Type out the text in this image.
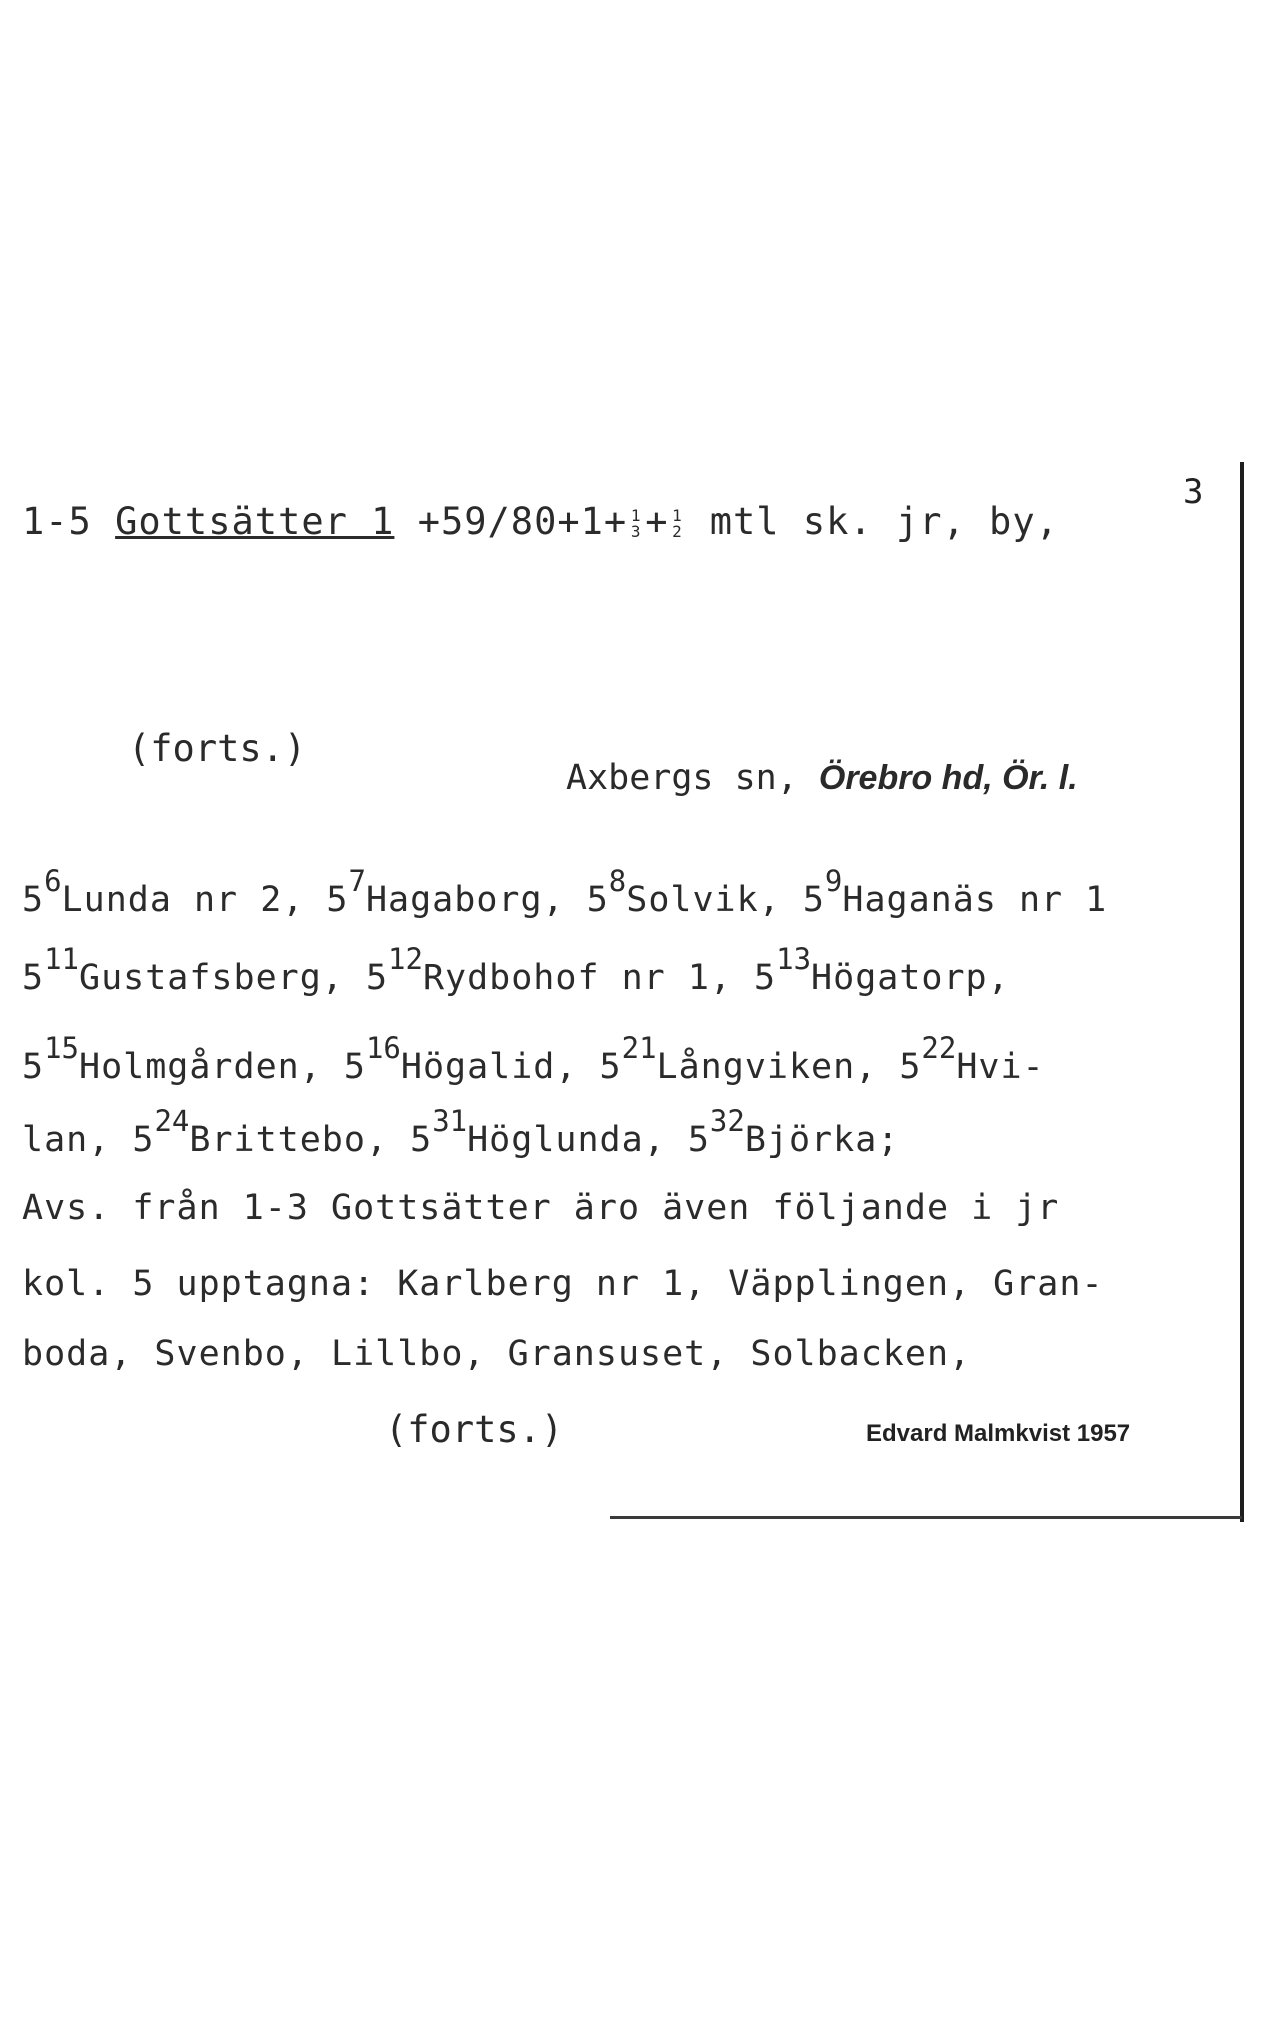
1-5 Gottsätter 1 +59/80+1+ 1
3 + 1
2 mtl sk. jr, by,
3
(forts.)
Axbergs sn, Örebro hd, Ör. l.
$5^6Lunda$ nr 2, $5^7Hagaborg$, $5^8Solvik$, $5^9Haganäs$ nr 1
$5^{11}Gustafsberg$, $5^{12}Rydbohof$ nr 1, $5^{13}Högatorp$,
$5^{15}Holmgården$, $5^{16}Högalid$, $5^{21}Långviken$, $5^{22}Hvi-$
lan, $5^{24}Brittebo$, $5^{31}Höglunda$, $5^{32}Björka$;
Avs. från 1-3 Gottsätter äro även följande i jr
kol. 5 upptagna: Karlberg nr 1, Väpplingen, Gran-
boda, Svenbo, Lillbo, Gransuset, Solbacken,
(forts.)	Edvard Malmkvist 1957
